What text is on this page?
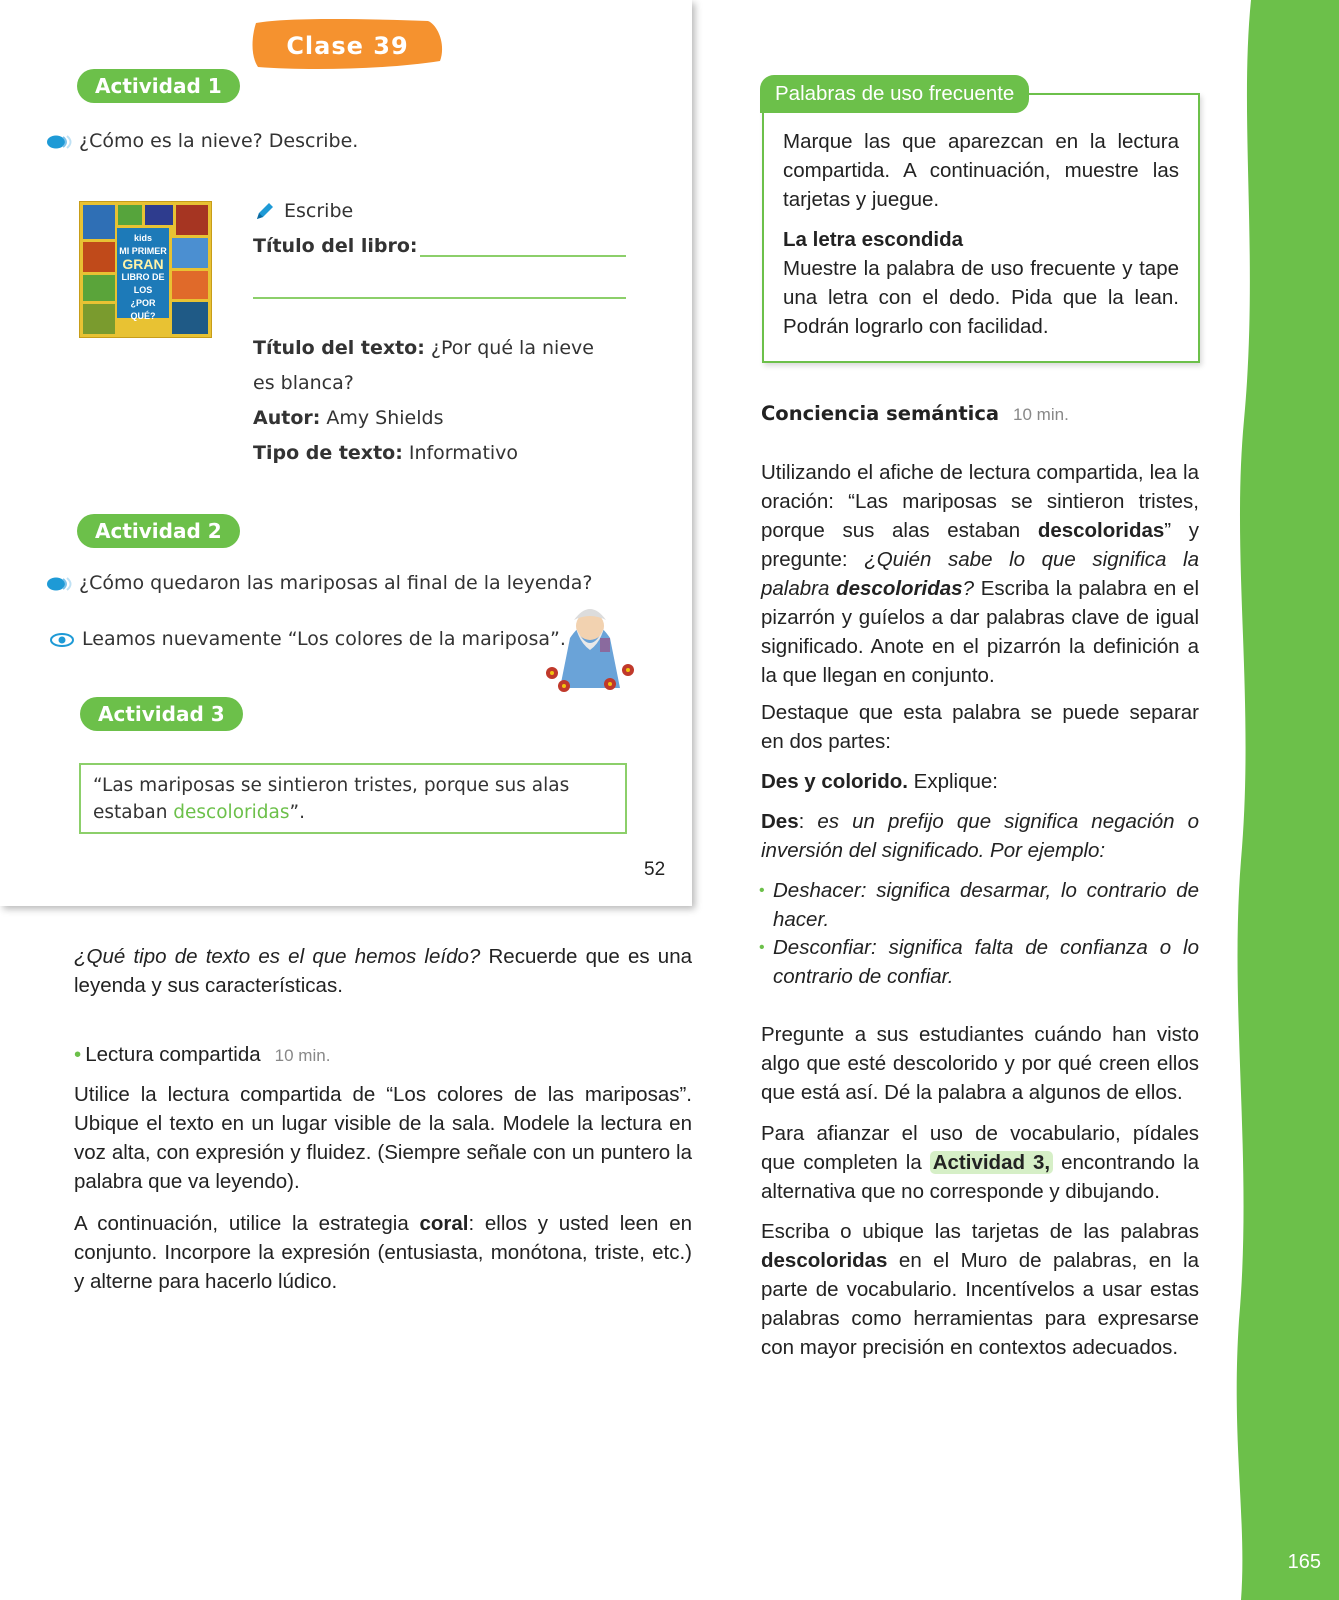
165
Clase 39
Actividad 1
¿Cómo es la nieve? Describe.
kids
MI PRIMER
GRAN
LIBRO DE LOS
¿POR QUÉ?
Escribe
Título del libro:
Título del texto: ¿Por qué la nieve
es blanca?
Autor: Amy Shields
Tipo de texto: Informativo
Actividad 2
¿Cómo quedaron las mariposas al final de la leyenda?
Leamos nuevamente “Los colores de la mariposa”.
Actividad 3
“Las mariposas se sintieron tristes, porque sus alas
estaban descoloridas”.
52

¿Qué tipo de texto es el que hemos leído? Recuerde que es una leyenda y sus características.

• Lectura compartida 10 min.

Utilice la lectura compartida de “Los colores de las mariposas”. Ubique el texto en un lugar visible de la sala. Modele la lectura en voz alta, con expresión y fluidez. (Siempre señale con un puntero la palabra que va leyendo).

A continuación, utilice la estrategia coral: ellos y usted leen en conjunto. Incorpore la expresión (entusiasta, monótona, triste, etc.) y alterne para hacerlo lúdico.

Palabras de uso frecuente

Marque las que aparezcan en la lectura compartida. A continuación, muestre las tarjetas y juegue.

La letra escondida

Muestre la palabra de uso frecuente y tape una letra con el dedo. Pida que la lean. Podrán lograrlo con facilidad.

Conciencia semántica 10 min.

Utilizando el afiche de lectura compartida, lea la oración: “Las mariposas se sintieron tristes, porque sus alas estaban descoloridas” y pregunte: ¿Quién sabe lo que significa la palabra descoloridas? Escriba la palabra en el pizarrón y guíelos a dar palabras clave de igual significado. Anote en el pizarrón la definición a la que llegan en conjunto.

Destaque que esta palabra se puede separar en dos partes:

Des y colorido. Explique:

Des: es un prefijo que significa negación o inversión del significado. Por ejemplo:

• Deshacer: significa desarmar, lo contrario de hacer.
• Desconfiar: significa falta de confianza o lo contrario de confiar.

Pregunte a sus estudiantes cuándo han visto algo que esté descolorido y por qué creen ellos que está así. Dé la palabra a algunos de ellos.

Para afianzar el uso de vocabulario, pídales que completen la Actividad 3, encontrando la alternativa que no corresponde y dibujando.

Escriba o ubique las tarjetas de las palabras descoloridas en el Muro de palabras, en la parte de vocabulario. Incentívelos a usar estas palabras como herramientas para expresarse con mayor precisión en contextos adecuados.
